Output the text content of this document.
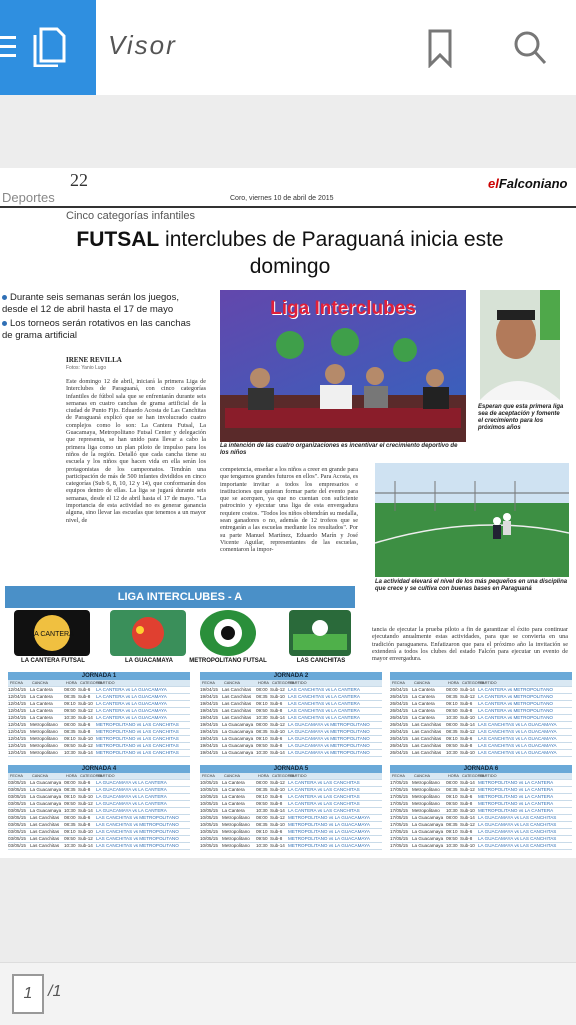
Visor
Deportes
22
Coro, viernes 10 de abril de 2015
elFalconiano
Cinco categorías infantiles
FUTSAL interclubes de Paraguaná inicia este domingo
Durante seis semanas serán los juegos, desde el 12 de abril hasta el 17 de mayo
Los torneos serán rotativos en las canchas de grama artificial
IRENE REVILLA
Fotos: Yanio Lugo
Este domingo 12 de abril, iniciará la primera Liga de Interclubes de Paraguaná, con cinco categorías infantiles de fútbol sala que se enfrentarán durante seis semanas en cuatro canchas de grama artificial de la ciudad de Punto Fijo. Eduardo Acosta de Las Canchitas de Paraguaná explicó que se han involucrado cuatro complejos como lo son: La Cantera Futsal, La Guacamaya, Metropolitano Futsal Center y delegación que representa, se han unido para llevar a cabo la primera liga como un plan piloto de impulso para los niños de la región. Detalló que cada cancha tiene su escuela y los niños que hacen vida en ella serán los protagonistas de los campeonatos. Tendrán una participación de más de 500 infantes divididos en cinco categorías (Sub 6, 8, 10, 12 y 14), que conformarán dos equipos dentro de ellas. La liga se jugará durante seis semanas, desde el 12 de abril hasta el 17 de mayo. "La importancia de esta actividad no es generar ganancia alguna, sino llevar las escuelas que tenemos a un mayor nivel, de
Liga Interclubes
La intención de las cuatro organizaciones es incentivar el crecimiento deportivo de los niños
Esperan que esta primera liga sea de aceptación y fomente el crecimiento para los próximos años
competencia, enseñar a los niños a creer en grande para que tengamos grandes futuros en ellos". Para Acosta, es importante invitar a todos los empresarios e instituciones que quieran formar parte del evento para que se acerquen, ya que no cuentan con suficiente patrocinio y ejecutar una liga de esta envergadura requiere costos. "Todos los niños obtendrán su medalla, sean ganadores o no, además de 12 trofeos que se entregarán a las escuelas mediante los resultados". Por su parte Manuel Martínez, Eduardo Marín y José Vicente Aguilar, representantes de las escuelas, comentaron la impor-
La actividad elevará el nivel de los más pequeños en una disciplina que crece y se cultiva con buenas bases en Paraguaná
LIGA INTERCLUBES - A
LA CANTERA
LA CANTERA FUTSAL	LA GUACAMAYA	METROPOLITANO FUTSAL	LAS CANCHITAS
tancia de ejecutar la prueba piloto a fin de garantizar el éxito para continuar ejecutando anualmente estas actividades, para que se convierta en una tradición paraguanera. Enfatizaron que para el próximo año la invitación se extenderá a todos los clubes del estado Falcón para ejecutar un evento de mayor envergadura.
JORNADA 1
FECHA CANCHA	HORA CATEGORIAPARTIDO
12/04/15 La Cantera 08:00 Sub-6 LA CANTERA vs LA GUACAMAYA
12/04/15 La Cantera 08:35 Sub-8 LA CANTERA vs LA GUACAMAYA
12/04/15 La Cantera 09:10 Sub-10 LA CANTERA vs LA GUACAMAYA
12/04/15 La Cantera 09:50 Sub-12 LA CANTERA vs LA GUACAMAYA
12/04/15 La Cantera 10:30 Sub-14 LA CANTERA vs LA GUACAMAYA
12/04/15 Metropolitano 08:00 Sub-6 METROPOLITANO vs LAS CANCHITAS
12/04/15 Metropolitano 08:35 Sub-8 METROPOLITANO vs LAS CANCHITAS
12/04/15 Metropolitano 09:10 Sub-10 METROPOLITANO vs LAS CANCHITAS
12/04/15 Metropolitano 09:50 Sub-12 METROPOLITANO vs LAS CANCHITAS
12/04/15 Metropolitano 10:30 Sub-14 METROPOLITANO vs LAS CANCHITAS
JORNADA 2
FECHA CANCHA	HORA CATEGORIAPARTIDO
19/04/15 Las Canchitas 08:00 Sub-12 LAS CANCHITAS vs LA CANTERA
19/04/15 Las Canchitas 08:35 Sub-10 LAS CANCHITAS vs LA CANTERA
19/04/15 Las Canchitas 09:10 Sub-6 LAS CANCHITAS vs LA CANTERA
19/04/15 Las Canchitas 09:50 Sub-8 LAS CANCHITAS vs LA CANTERA
19/04/15 Las Canchitas 10:30 Sub-14 LAS CANCHITAS vs LA CANTERA
19/04/15 La Guacamaya 08:00 Sub-12 LA GUACAMAYA vs METROPOLITANO
19/04/15 La Guacamaya 08:35 Sub-10 LA GUACAMAYA vs METROPOLITANO
19/04/15 La Guacamaya 09:10 Sub-6 LA GUACAMAYA vs METROPOLITANO
19/04/15 La Guacamaya 09:50 Sub-8 LA GUACAMAYA vs METROPOLITANO
19/04/15 La Guacamaya 10:30 Sub-14 LA GUACAMAYA vs METROPOLITANO
FECHA CANCHA	HORA CATEGORIAPARTIDO
26/04/15 La Cantera 08:00 Sub-14 LA CANTERA vs METROPOLITANO
26/04/15 La Cantera 08:35 Sub-12 LA CANTERA vs METROPOLITANO
26/04/15 La Cantera 09:10 Sub-6 LA CANTERA vs METROPOLITANO
26/04/15 La Cantera 09:50 Sub-8 LA CANTERA vs METROPOLITANO
26/04/15 La Cantera 10:30 Sub-10 LA CANTERA vs METROPOLITANO
26/04/15 Las Canchitas 08:00 Sub-14 LAS CANCHITAS vs LA GUACAMAYA
26/04/15 Las Canchitas 08:35 Sub-12 LAS CANCHITAS vs LA GUACAMAYA
26/04/15 Las Canchitas 09:10 Sub-6 LAS CANCHITAS vs LA GUACAMAYA
26/04/15 Las Canchitas 09:50 Sub-8 LAS CANCHITAS vs LA GUACAMAYA
26/04/15 Las Canchitas 10:30 Sub-10 LAS CANCHITAS vs LA GUACAMAYA
JORNADA 4
FECHA CANCHA	HORA CATEGORIAPARTIDO
03/05/15 La Guacamaya 08:00 Sub-6 LA GUACAMAYA vs LA CANTERA
03/05/15 La Guacamaya 08:35 Sub-8 LA GUACAMAYA vs LA CANTERA
03/05/15 La Guacamaya 09:10 Sub-10 LA GUACAMAYA vs LA CANTERA
03/05/15 La Guacamaya 09:50 Sub-12 LA GUACAMAYA vs LA CANTERA
03/05/15 La Guacamaya 10:30 Sub-14 LA GUACAMAYA vs LA CANTERA
03/05/15 Las Canchitas 08:00 Sub-6 LAS CANCHITAS vs METROPOLITANO
03/05/15 Las Canchitas 08:35 Sub-8 LAS CANCHITAS vs METROPOLITANO
03/05/15 Las Canchitas 09:10 Sub-10 LAS CANCHITAS vs METROPOLITANO
03/05/15 Las Canchitas 09:50 Sub-12 LAS CANCHITAS vs METROPOLITANO
03/05/15 Las Canchitas 10:30 Sub-14 LAS CANCHITAS vs METROPOLITANO
JORNADA 5
FECHA CANCHA	HORA CATEGORIAPARTIDO
10/05/15 La Cantera 08:00 Sub-12 LA CANTERA vs LAS CANCHITAS
10/05/15 La Cantera 08:35 Sub-10 LA CANTERA vs LAS CANCHITAS
10/05/15 La Cantera 09:10 Sub-6 LA CANTERA vs LAS CANCHITAS
10/05/15 La Cantera 09:50 Sub-8 LA CANTERA vs LAS CANCHITAS
10/05/15 La Cantera 10:30 Sub-14 LA CANTERA vs LAS CANCHITAS
10/05/15 Metropolitano 08:00 Sub-12 METROPOLITANO vs LA GUACAMAYA
10/05/15 Metropolitano 08:35 Sub-10 METROPOLITANO vs LA GUACAMAYA
10/05/15 Metropolitano 09:10 Sub-6 METROPOLITANO vs LA GUACAMAYA
10/05/15 Metropolitano 09:50 Sub-8 METROPOLITANO vs LA GUACAMAYA
10/05/15 Metropolitano 10:30 Sub-14 METROPOLITANO vs LA GUACAMAYA
JORNADA 6
FECHA CANCHA	HORA CATEGORIAPARTIDO
17/05/15 Metropolitano 08:00 Sub-14 METROPOLITANO vs LA CANTERA
17/05/15 Metropolitano 08:35 Sub-12 METROPOLITANO vs LA CANTERA
17/05/15 Metropolitano 09:10 Sub-6 METROPOLITANO vs LA CANTERA
17/05/15 Metropolitano 09:50 Sub-8 METROPOLITANO vs LA CANTERA
17/05/15 Metropolitano 10:30 Sub-10 METROPOLITANO vs LA CANTERA
17/05/15 La Guacamaya 08:00 Sub-14 LA GUACAMAYA vs LAS CANCHITAS
17/05/15 La Guacamaya 08:35 Sub-12 LA GUACAMAYA vs LAS CANCHITAS
17/05/15 La Guacamaya 09:10 Sub-6 LA GUACAMAYA vs LAS CANCHITAS
17/05/15 La Guacamaya 09:50 Sub-8 LA GUACAMAYA vs LAS CANCHITAS
17/05/15 La Guacamaya 10:30 Sub-10 LA GUACAMAYA vs LAS CANCHITAS
1 /1
